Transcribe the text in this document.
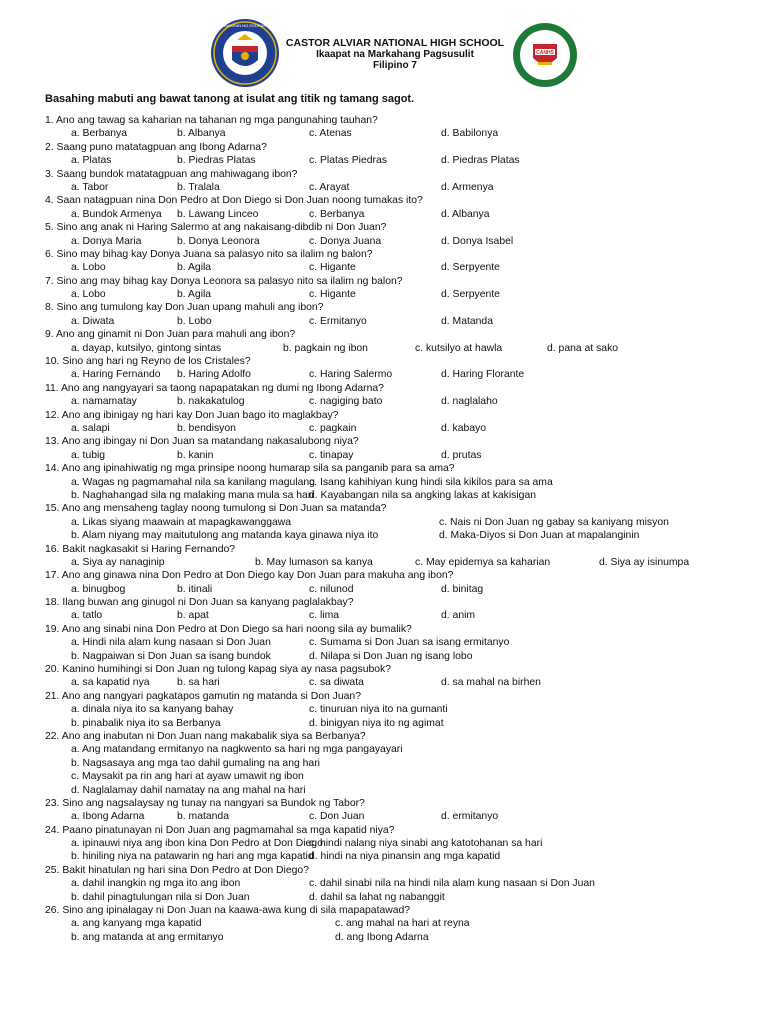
KAGAWARAN NG EDUKASYON
CASTOR ALVIAR NATIONAL HIGH SCHOOL
Ikaapat na Markahang Pagsusulit
Filipino 7
CANHS
Basahing mabuti ang bawat tanong at isulat ang titik ng tamang sagot.
1. Ano ang tawag sa kaharian na tahanan ng mga pangunahing tauhan?
a. Berbanya	b. Albanya	c. Atenas	d. Babilonya
2. Saang puno matatagpuan ang Ibong Adarna?
a. Platas	b. Piedras Platas	c. Platas Piedras	d. Piedras Platas
3. Saang bundok matatagpuan ang mahiwagang ibon?
a. Tabor	b. Tralala	c. Arayat	d. Armenya
4. Saan natagpuan nina Don Pedro at Don Diego si Don Juan noong tumakas ito?
a. Bundok Armenya b. Lawang Linceo	c. Berbanya	d. Albanya
5. Sino ang anak ni Haring Salermo at ang nakaisang-dibdib ni Don Juan?
a. Donya Maria	b. Donya Leonora	c. Donya Juana	d. Donya Isabel
6. Sino may bihag kay Donya Juana sa palasyo nito sa ilalim ng balon?
a. Lobo	b. Agila	c. Higante	d. Serpyente
7. Sino ang may bihag kay Donya Leonora sa palasyo nito sa ilalim ng balon?
a. Lobo	b. Agila	c. Higante	d. Serpyente
8. Sino ang tumulong kay Don Juan upang mahuli ang ibon?
a. Diwata	b. Lobo	c. Ermitanyo	d. Matanda
9. Ano ang ginamit ni Don Juan para mahuli ang ibon?
a. dayap, kutsilyo, gintong sintas	b. pagkain ng ibon	c. kutsilyo at hawla	d. pana at sako
10. Sino ang hari ng Reyno de los Cristales?
a. Haring Fernando b. Haring Adolfo	c. Haring Salermo	d. Haring Florante
11. Ano ang nangyayari sa taong napapatakan ng dumi ng Ibong Adarna?
a. namamatay	b. nakakatulog	c. nagiging bato	d. naglalaho
12. Ano ang ibinigay ng hari kay Don Juan bago ito maglakbay?
a. salapi	b. bendisyon	c. pagkain	d. kabayo
13. Ano ang ibingay ni Don Juan sa matandang nakasalubong niya?
a. tubig	b. kanin	c. tinapay	d. prutas
14. Ano ang ipinahiwatig ng mga prinsipe noong humarap sila sa panganib para sa ama?
a. Wagas ng pagmamahal nila sa kanilang magulang
c. Isang kahihiyan kung hindi sila kikilos para sa ama
b. Naghahangad sila ng malaking mana mula sa hari
d. Kayabangan nila sa angking lakas at kakisigan
15. Ano ang mensaheng taglay noong tumulong si Don Juan sa matanda?
a. Likas siyang maawain at mapagkawanggawa	c. Nais ni Don Juan ng gabay sa kaniyang misyon
b. Alam niyang may maitutulong ang matanda kaya ginawa niya ito	d. Maka-Diyos si Don Juan at mapalanginin
16. Bakit nagkasakit si Haring Fernando?
a. Siya ay nanaginip	b. May lumason sa kanya	c. May epidemya sa kaharian	d. Siya ay isinumpa
17. Ano ang ginawa nina Don Pedro at Don Diego kay Don Juan para makuha ang ibon?
a. binugbog	b. itinali	c. nilunod	d. binitag
18. Ilang buwan ang ginugol ni Don Juan sa kanyang paglalakbay?
a. tatlo	b. apat	c. lima	d. anim
19. Ano ang sinabi nina Don Pedro at Don Diego sa hari noong sila ay bumalik?
a. Hindi nila alam kung nasaan si Don Juan	c. Sumama si Don Juan sa isang ermitanyo
b. Nagpaiwan si Don Juan sa isang bundok	d. Nilapa si Don Juan ng isang lobo
20. Kanino humihingi si Don Juan ng tulong kapag siya ay nasa pagsubok?
a. sa kapatid nya	b. sa hari	c. sa diwata	d. sa mahal na birhen
21. Ano ang nangyari pagkatapos gamutin ng matanda si Don Juan?
a. dinala niya ito sa kanyang bahay	c. tinuruan niya ito na gumanti
b. pinabalik niya ito sa Berbanya	d. binigyan niya ito ng agimat
22. Ano ang inabutan ni Don Juan nang makabalik siya sa Berbanya?
a. Ang matandang ermitanyo na nagkwento sa hari ng mga pangayayari
b. Nagsasaya ang mga tao dahil gumaling na ang hari
c. Maysakit pa rin ang hari at ayaw umawit ng ibon
d. Naglalamay dahil namatay na ang mahal na hari
23. Sino ang nagsalaysay ng tunay na nangyari sa Bundok ng Tabor?
a. Ibong Adarna	b. matanda	c. Don Juan	d. ermitanyo
24. Paano pinatunayan ni Don Juan ang pagmamahal sa mga kapatid niya?
a. ipinauwi niya ang ibon kina Don Pedro at Don Diego
c. hindi nalang niya sinabi ang katotohanan sa hari
b. hiniling niya na patawarin ng hari ang mga kapatid
d. hindi na niya pinansin ang mga kapatid
25. Bakit hinatulan ng hari sina Don Pedro at Don Diego?
a. dahil inangkin ng mga ito ang ibon	c. dahil sinabi nila na hindi nila alam kung nasaan si Don Juan
b. dahil pinagtulungan nila si Don Juan	d. dahil sa lahat ng nabanggit
26. Sino ang ipinalagay ni Don Juan na kaawa-awa kung di sila mapapatawad?
a. ang kanyang mga kapatid	c. ang mahal na hari at reyna
b. ang matanda at ang ermitanyo	d. ang Ibong Adarna
